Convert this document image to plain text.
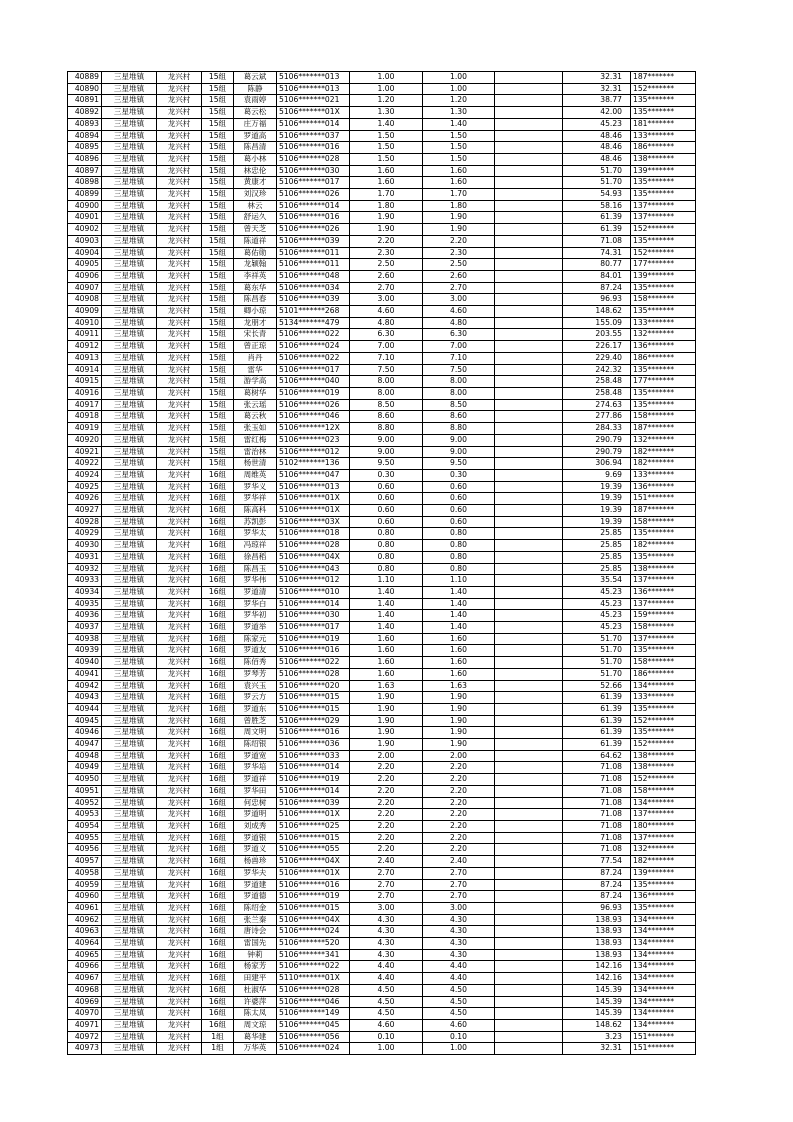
40889	三星堆镇	龙兴村	15组	葛云斌	5106*******013	1.00	1.00		32.31	187*******
40890	三星堆镇	龙兴村	15组	陈静	5106*******013	1.00	1.00		32.31	152*******
40891	三星堆镇	龙兴村	15组	袁雨婷	5106*******021	1.20	1.20		38.77	135*******
40892	三星堆镇	龙兴村	15组	葛云松	5106*******01X	1.30	1.30		42.00	135*******
40893	三星堆镇	龙兴村	15组	庄万福	5106*******014	1.40	1.40		45.23	181*******
40894	三星堆镇	龙兴村	15组	罗道高	5106*******037	1.50	1.50		48.46	133*******
40895	三星堆镇	龙兴村	15组	陈昌清	5106*******016	1.50	1.50		48.46	186*******
40896	三星堆镇	龙兴村	15组	葛小林	5106*******028	1.50	1.50		48.46	138*******
40897	三星堆镇	龙兴村	15组	林忠伦	5106*******030	1.60	1.60		51.70	139*******
40898	三星堆镇	龙兴村	15组	黄康才	5106*******017	1.60	1.60		51.70	135*******
40899	三星堆镇	龙兴村	15组	刘汉珍	5106*******026	1.70	1.70		54.93	135*******
40900	三星堆镇	龙兴村	15组	林云	5106*******014	1.80	1.80		58.16	137*******
40901	三星堆镇	龙兴村	15组	舒运久	5106*******016	1.90	1.90		61.39	137*******
40902	三星堆镇	龙兴村	15组	曾天芝	5106*******026	1.90	1.90		61.39	152*******
40903	三星堆镇	龙兴村	15组	陈道祥	5106*******039	2.20	2.20		71.08	135*******
40904	三星堆镇	龙兴村	15组	葛佑勋	5106*******011	2.30	2.30		74.31	152*******
40905	三星堆镇	龙兴村	15组	龙颖翰	5106*******011	2.50	2.50		80.77	177*******
40906	三星堆镇	龙兴村	15组	李祥英	5106*******048	2.60	2.60		84.01	139*******
40907	三星堆镇	龙兴村	15组	葛东华	5106*******034	2.70	2.70		87.24	135*******
40908	三星堆镇	龙兴村	15组	陈昌春	5106*******039	3.00	3.00		96.93	158*******
40909	三星堆镇	龙兴村	15组	卿小琼	5101*******268	4.60	4.60		148.62	135*******
40910	三星堆镇	龙兴村	15组	龙朋才	5134*******479	4.80	4.80		155.09	133*******
40911	三星堆镇	龙兴村	15组	宋长青	5106*******022	6.30	6.30		203.55	132*******
40912	三星堆镇	龙兴村	15组	曾正琼	5106*******024	7.00	7.00		226.17	136*******
40913	三星堆镇	龙兴村	15组	肖丹	5106*******022	7.10	7.10		229.40	186*******
40914	三星堆镇	龙兴村	15组	雷华	5106*******017	7.50	7.50		242.32	135*******
40915	三星堆镇	龙兴村	15组	游学高	5106*******040	8.00	8.00		258.48	177*******
40916	三星堆镇	龙兴村	15组	葛树华	5106*******019	8.00	8.00		258.48	135*******
40917	三星堆镇	龙兴村	15组	张云瑶	5106*******026	8.50	8.50		274.63	135*******
40918	三星堆镇	龙兴村	15组	葛云秋	5106*******046	8.60	8.60		277.86	158*******
40919	三星堆镇	龙兴村	15组	张玉如	5106*******12X	8.80	8.80		284.33	187*******
40920	三星堆镇	龙兴村	15组	雷红梅	5106*******023	9.00	9.00		290.79	132*******
40921	三星堆镇	龙兴村	15组	雷治林	5106*******012	9.00	9.00		290.79	182*******
40922	三星堆镇	龙兴村	15组	杨世清	5102*******136	9.50	9.50		306.94	182*******
40924	三星堆镇	龙兴村	16组	周维英	5106*******047	0.30	0.30		9.69	133*******
40925	三星堆镇	龙兴村	16组	罗华义	5106*******013	0.60	0.60		19.39	136*******
40926	三星堆镇	龙兴村	16组	罗华祥	5106*******01X	0.60	0.60		19.39	151*******
40927	三星堆镇	龙兴村	16组	陈高科	5106*******01X	0.60	0.60		19.39	187*******
40928	三星堆镇	龙兴村	16组	苏凯彭	5106*******03X	0.60	0.60		19.39	158*******
40929	三星堆镇	龙兴村	16组	罗华太	5106*******018	0.80	0.80		25.85	135*******
40930	三星堆镇	龙兴村	16组	冯琼祥	5106*******028	0.80	0.80		25.85	182*******
40931	三星堆镇	龙兴村	16组	徐昌稻	5106*******04X	0.80	0.80		25.85	135*******
40932	三星堆镇	龙兴村	16组	陈昌玉	5106*******043	0.80	0.80		25.85	138*******
40933	三星堆镇	龙兴村	16组	罗华伟	5106*******012	1.10	1.10		35.54	137*******
40934	三星堆镇	龙兴村	16组	罗道清	5106*******010	1.40	1.40		45.23	136*******
40935	三星堆镇	龙兴村	16组	罗华白	5106*******014	1.40	1.40		45.23	137*******
40936	三星堆镇	龙兴村	16组	罗华初	5106*******030	1.40	1.40		45.23	159*******
40937	三星堆镇	龙兴村	16组	罗道举	5106*******017	1.40	1.40		45.23	158*******
40938	三星堆镇	龙兴村	16组	陈家元	5106*******019	1.60	1.60		51.70	137*******
40939	三星堆镇	龙兴村	16组	罗道友	5106*******016	1.60	1.60		51.70	135*******
40940	三星堆镇	龙兴村	16组	陈佰秀	5106*******022	1.60	1.60		51.70	158*******
40941	三星堆镇	龙兴村	16组	罗琴芳	5106*******028	1.60	1.60		51.70	186*******
40942	三星堆镇	龙兴村	16组	袁兴玉	5106*******020	1.63	1.63		52.66	134*******
40943	三星堆镇	龙兴村	16组	罗云方	5106*******015	1.90	1.90		61.39	133*******
40944	三星堆镇	龙兴村	16组	罗道东	5106*******015	1.90	1.90		61.39	135*******
40945	三星堆镇	龙兴村	16组	曾胜芝	5106*******029	1.90	1.90		61.39	152*******
40946	三星堆镇	龙兴村	16组	周文明	5106*******016	1.90	1.90		61.39	135*******
40947	三星堆镇	龙兴村	16组	陈绍银	5106*******036	1.90	1.90		61.39	152*******
40948	三星堆镇	龙兴村	16组	罗道宽	5106*******033	2.00	2.00		64.62	138*******
40949	三星堆镇	龙兴村	16组	罗华培	5106*******014	2.20	2.20		71.08	138*******
40950	三星堆镇	龙兴村	16组	罗道祥	5106*******019	2.20	2.20		71.08	152*******
40951	三星堆镇	龙兴村	16组	罗华田	5106*******014	2.20	2.20		71.08	158*******
40952	三星堆镇	龙兴村	16组	何忠树	5106*******039	2.20	2.20		71.08	134*******
40953	三星堆镇	龙兴村	16组	罗道明	5106*******01X	2.20	2.20		71.08	137*******
40954	三星堆镇	龙兴村	16组	刘成秀	5106*******025	2.20	2.20		71.08	180*******
40955	三星堆镇	龙兴村	16组	罗道银	5106*******015	2.20	2.20		71.08	137*******
40956	三星堆镇	龙兴村	16组	罗道义	5106*******055	2.20	2.20		71.08	132*******
40957	三星堆镇	龙兴村	16组	杨兽珍	5106*******04X	2.40	2.40		77.54	182*******
40958	三星堆镇	龙兴村	16组	罗华夫	5106*******01X	2.70	2.70		87.24	139*******
40959	三星堆镇	龙兴村	16组	罗道建	5106*******016	2.70	2.70		87.24	135*******
40960	三星堆镇	龙兴村	16组	罗道德	5106*******019	2.70	2.70		87.24	136*******
40961	三星堆镇	龙兴村	16组	陈绍金	5106*******015	3.00	3.00		96.93	135*******
40962	三星堆镇	龙兴村	16组	张兰秦	5106*******04X	4.30	4.30		138.93	134*******
40963	三星堆镇	龙兴村	16组	唐诗会	5106*******024	4.30	4.30		138.93	134*******
40964	三星堆镇	龙兴村	16组	雷国先	5106*******520	4.30	4.30		138.93	134*******
40965	三星堆镇	龙兴村	16组	钟莉	5106*******341	4.30	4.30		138.93	134*******
40966	三星堆镇	龙兴村	16组	杨家芳	5106*******022	4.40	4.40		142.16	134*******
40967	三星堆镇	龙兴村	16组	田建平	5110*******01X	4.40	4.40		142.16	134*******
40968	三星堆镇	龙兴村	16组	杜淑华	5106*******028	4.50	4.50		145.39	134*******
40969	三星堆镇	龙兴村	16组	许婆萍	5106*******046	4.50	4.50		145.39	134*******
40970	三星堆镇	龙兴村	16组	陈太凤	5106*******149	4.50	4.50		145.39	134*******
40971	三星堆镇	龙兴村	16组	周文琼	5106*******045	4.60	4.60		148.62	134*******
40972	三星堆镇	龙兴村	1组	葛华建	5106*******056	0.10	0.10		3.23	151*******
40973	三星堆镇	龙兴村	1组	万华英	5106*******024	1.00	1.00		32.31	151*******
